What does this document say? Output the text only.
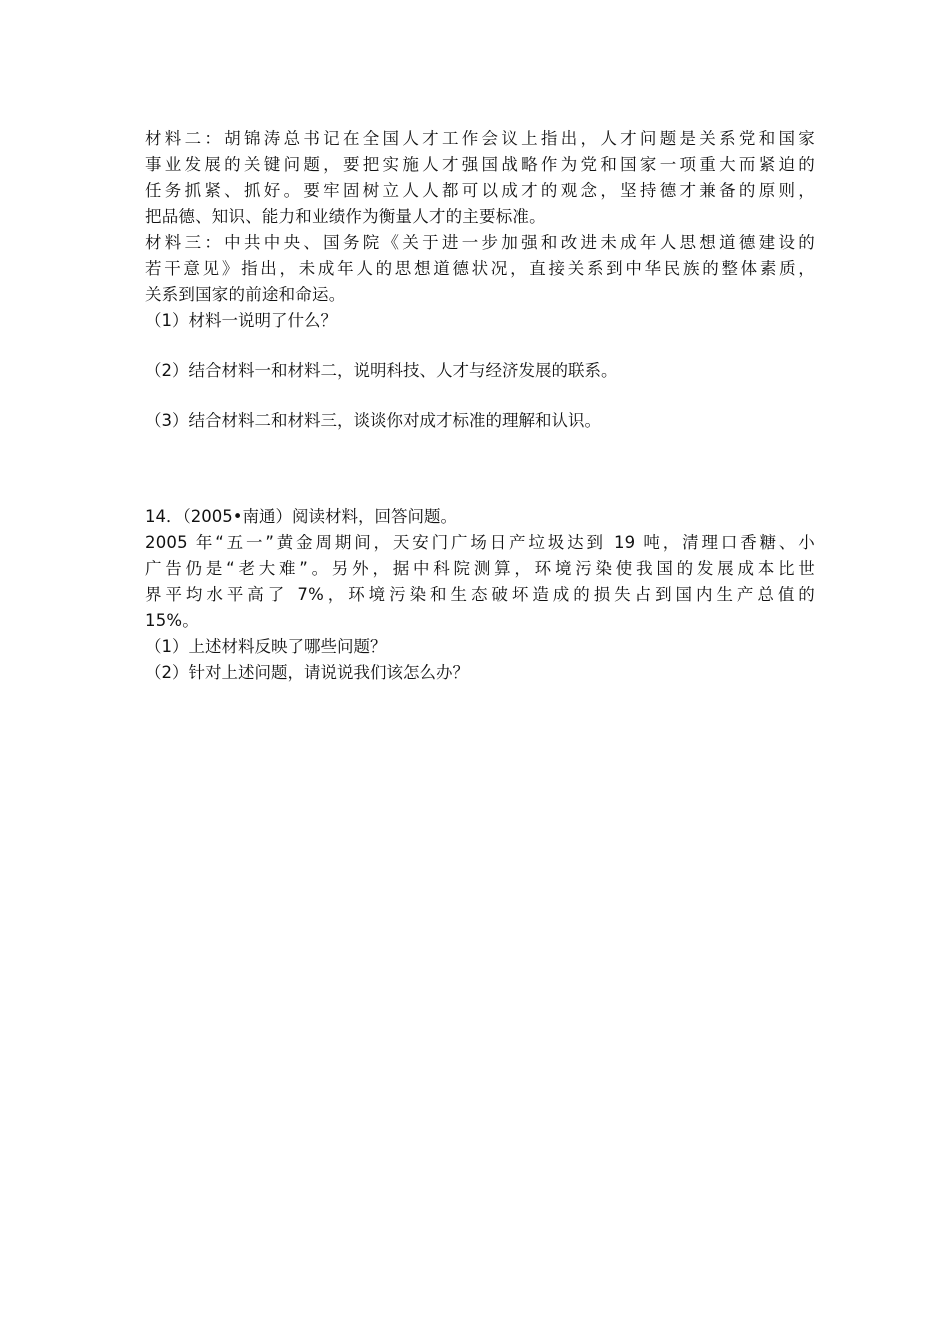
材料二：胡锦涛总书记在全国人才工作会议上指出，人才问题是关系党和国家
事业发展的关键问题，要把实施人才强国战略作为党和国家一项重大而紧迫的
任务抓紧、抓好。要牢固树立人人都可以成才的观念，坚持德才兼备的原则，
把品德、知识、能力和业绩作为衡量人才的主要标准。
材料三：中共中央、国务院《关于进一步加强和改进未成年人思想道德建设的
若干意见》指出，未成年人的思想道德状况，直接关系到中华民族的整体素质，
关系到国家的前途和命运。
（1）材料一说明了什么？
（2）结合材料一和材料二，说明科技、人才与经济发展的联系。
（3）结合材料二和材料三，谈谈你对成才标准的理解和认识。
14．（2005•南通）阅读材料，回答问题。
2005 年“五一”黄金周期间，天安门广场日产垃圾达到 19 吨，清理口香糖、小
广告仍是“老大难”。另外，据中科院测算，环境污染使我国的发展成本比世
界平均水平高了 7%，环境污染和生态破坏造成的损失占到国内生产总值的
15%。
（1）上述材料反映了哪些问题？
（2）针对上述问题，请说说我们该怎么办？
